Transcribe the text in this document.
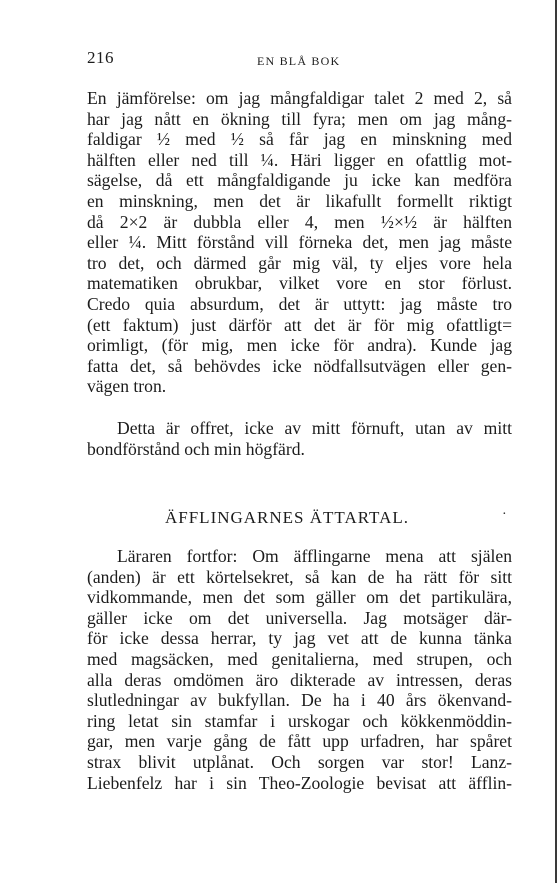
216	EN BLÅ BOK
En jämförelse: om jag mångfaldigar talet 2 med 2, så
har jag nått en ökning till fyra; men om jag mång-
faldigar ½ med ½ så får jag en minskning med
hälften eller ned till ¼. Häri ligger en ofattlig mot-
sägelse, då ett mångfaldigande ju icke kan medföra
en minskning, men det är likafullt formellt riktigt
då 2×2 är dubbla eller 4, men ½×½ är hälften
eller ¼. Mitt förstånd vill förneka det, men jag måste
tro det, och därmed går mig väl, ty eljes vore hela
matematiken obrukbar, vilket vore en stor förlust.
Credo quia absurdum, det är uttytt: jag måste tro
(ett faktum) just därför att det är för mig ofattligt=
orimligt, (för mig, men icke för andra). Kunde jag
fatta det, så behövdes icke nödfallsutvägen eller gen-
vägen tron.
Detta är offret, icke av mitt förnuft, utan av mitt
bondförstånd och min högfärd.
ÄFFLINGARNES ÄTTARTAL.	·
Läraren fortfor: Om äfflingarne mena att själen
(anden) är ett körtelsekret, så kan de ha rätt för sitt
vidkommande, men det som gäller om det partikulära,
gäller icke om det universella. Jag motsäger där-
för icke dessa herrar, ty jag vet att de kunna tänka
med magsäcken, med genitalierna, med strupen, och
alla deras omdömen äro dikterade av intressen, deras
slutledningar av bukfyllan. De ha i 40 års ökenvand-
ring letat sin stamfar i urskogar och kökkenmöddin-
gar, men varje gång de fått upp urfadren, har spåret
strax blivit utplånat. Och sorgen var stor! Lanz-
Liebenfelz har i sin Theo-Zoologie bevisat att äfflin-
